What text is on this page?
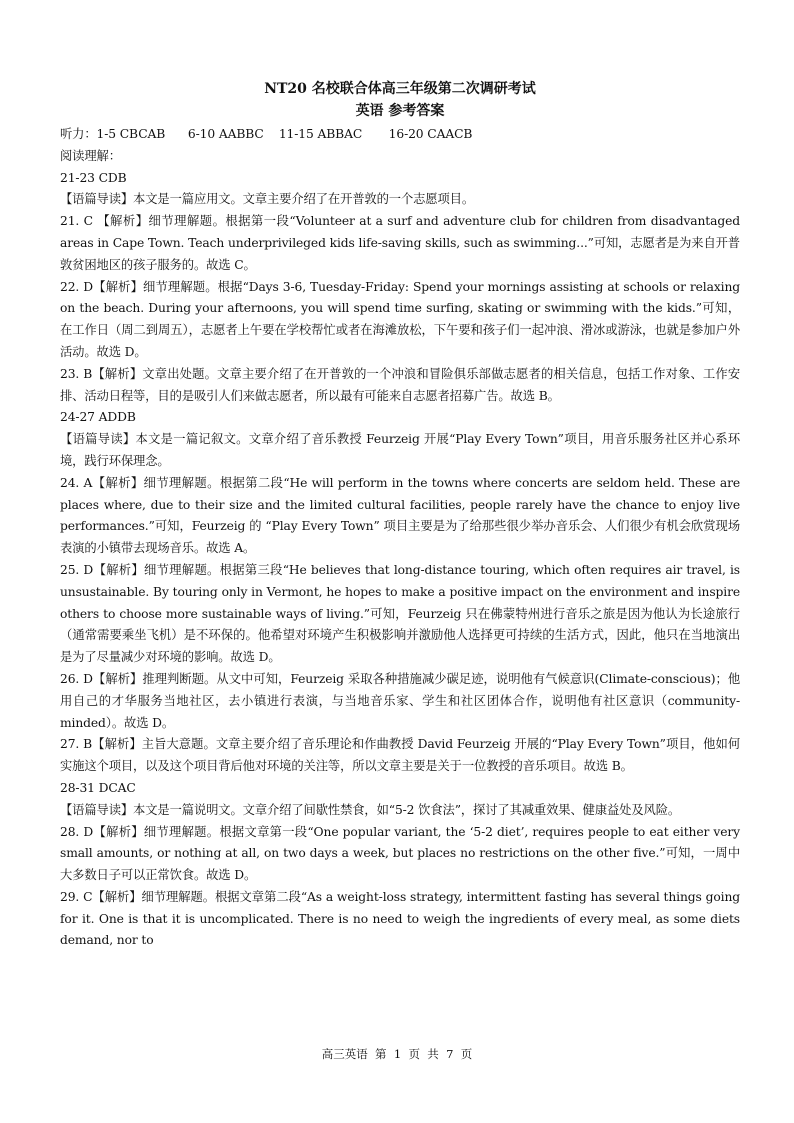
NT20 名校联合体高三年级第二次调研考试

英语 参考答案

听力：1-5 CBCAB      6-10 AABBC    11-15 ABBAC       16-20 CAACB

阅读理解：

21-23 CDB

【语篇导读】本文是一篇应用文。文章主要介绍了在开普敦的一个志愿项目。

21. C 【解析】细节理解题。根据第一段“Volunteer at a surf and adventure club for children from disadvantaged areas in Cape Town. Teach underprivileged kids life-saving skills, such as swimming...”可知，志愿者是为来自开普敦贫困地区的孩子服务的。故选 C。

22. D【解析】细节理解题。根据“Days 3-6, Tuesday-Friday: Spend your mornings assisting at schools or relaxing on the beach. During your afternoons, you will spend time surfing, skating or swimming with the kids.”可知，在工作日（周二到周五），志愿者上午要在学校帮忙或者在海滩放松，下午要和孩子们一起冲浪、滑冰或游泳，也就是参加户外活动。故选 D。

23. B【解析】文章出处题。文章主要介绍了在开普敦的一个冲浪和冒险俱乐部做志愿者的相关信息，包括工作对象、工作安排、活动日程等，目的是吸引人们来做志愿者，所以最有可能来自志愿者招募广告。故选 B。

24-27 ADDB

【语篇导读】本文是一篇记叙文。文章介绍了音乐教授 Feurzeig 开展“Play Every Town”项目，用音乐服务社区并心系环境，践行环保理念。

24. A【解析】细节理解题。根据第二段“He will perform in the towns where concerts are seldom held. These are places where, due to their size and the limited cultural facilities, people rarely have the chance to enjoy live performances.”可知，Feurzeig 的 “Play Every Town” 项目主要是为了给那些很少举办音乐会、人们很少有机会欣赏现场表演的小镇带去现场音乐。故选 A。

25. D【解析】细节理解题。根据第三段“He believes that long-distance touring, which often requires air travel, is unsustainable. By touring only in Vermont, he hopes to make a positive impact on the environment and inspire others to choose more sustainable ways of living.”可知，Feurzeig 只在佛蒙特州进行音乐之旅是因为他认为长途旅行（通常需要乘坐飞机）是不环保的。他希望对环境产生积极影响并激励他人选择更可持续的生活方式，因此，他只在当地演出是为了尽量减少对环境的影响。故选 D。

26. D【解析】推理判断题。从文中可知，Feurzeig 采取各种措施减少碳足迹，说明他有气候意识(Climate-conscious)；他用自己的才华服务当地社区，去小镇进行表演，与当地音乐家、学生和社区团体合作，说明他有社区意识（community-minded）。故选 D。

27. B【解析】主旨大意题。文章主要介绍了音乐理论和作曲教授 David Feurzeig 开展的“Play Every Town”项目，他如何实施这个项目，以及这个项目背后他对环境的关注等，所以文章主要是关于一位教授的音乐项目。故选 B。

28-31 DCAC

【语篇导读】本文是一篇说明文。文章介绍了间歇性禁食，如“5-2 饮食法”，探讨了其减重效果、健康益处及风险。

28. D【解析】细节理解题。根据文章第一段“One popular variant, the ‘5-2 diet’, requires people to eat either very small amounts, or nothing at all, on two days a week, but places no restrictions on the other five.”可知，一周中大多数日子可以正常饮食。故选 D。

29. C【解析】细节理解题。根据文章第二段“As a weight-loss strategy, intermittent fasting has several things going for it. One is that it is uncomplicated. There is no need to weigh the ingredients of every meal, as some diets demand, nor to

高三英语  第  1  页  共  7  页
